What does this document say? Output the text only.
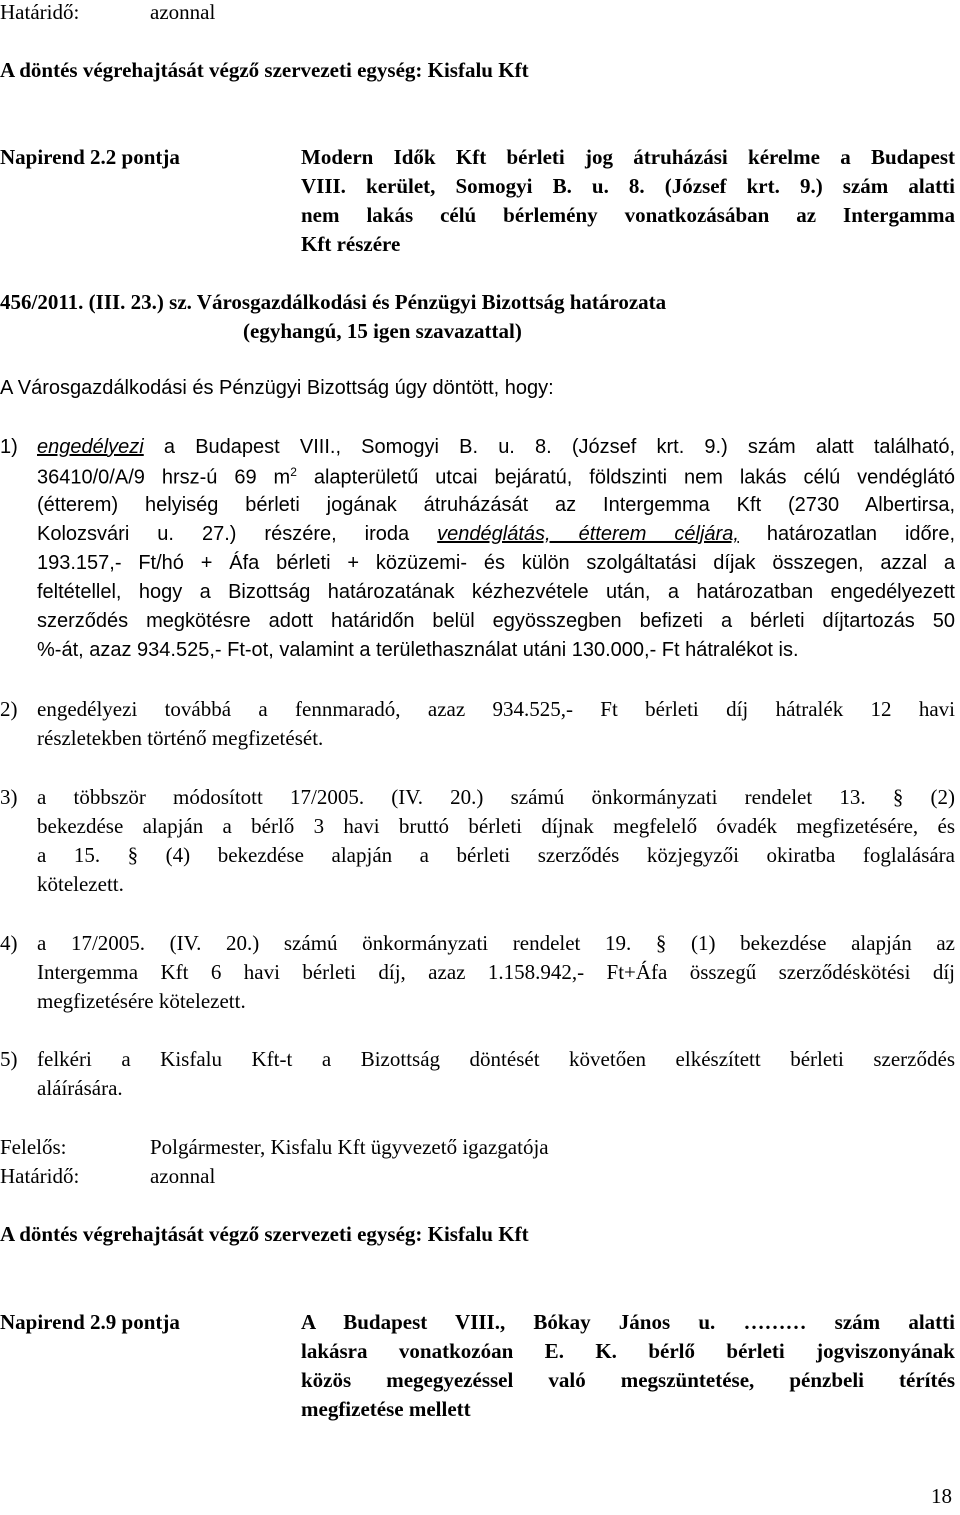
Határidő:	azonnal
A döntés végrehajtását végző szervezeti egység: Kisfalu Kft
Napirend 2.2 pontja	Modern Idők Kft bérleti jog átruházási kérelme a Budapest
VIII. kerület, Somogyi B. u. 8. (József krt. 9.) szám alatti
nem lakás célú bérlemény vonatkozásában az Intergamma
Kft részére
456/2011. (III. 23.) sz. Városgazdálkodási és Pénzügyi Bizottság határozata
(egyhangú, 15 igen szavazattal)
A Városgazdálkodási és Pénzügyi Bizottság úgy döntött, hogy:
1) engedélyezi a Budapest VIII., Somogyi B. u. 8. (József krt. 9.) szám alatt található,
36410/0/A/9 hrsz-ú 69 $m^2$ alapterületű utcai bejáratú, földszinti nem lakás célú vendéglátó
(étterem) helyiség bérleti jogának átruházását az Intergemma Kft (2730 Albertirsa,
Kolozsvári u. 27.) részére, iroda vendéglátás, étterem céljára, határozatlan időre,
193.157,- Ft/hó + Áfa bérleti + közüzemi- és külön szolgáltatási díjak összegen, azzal a
feltétellel, hogy a Bizottság határozatának kézhezvétele után, a határozatban engedélyezett
szerződés megkötésre adott határidőn belül egyösszegben befizeti a bérleti díjtartozás 50
%-át, azaz 934.525,- Ft-ot, valamint a területhasználat utáni 130.000,- Ft hátralékot is.
2) engedélyezi továbbá a fennmaradó, azaz 934.525,- Ft bérleti díj hátralék 12 havi
részletekben történő megfizetését.
3) a többször módosított 17/2005. (IV. 20.) számú önkormányzati rendelet 13. § (2)
bekezdése alapján a bérlő 3 havi bruttó bérleti díjnak megfelelő óvadék megfizetésére, és
a 15. § (4) bekezdése alapján a bérleti szerződés közjegyzői okiratba foglalására
kötelezett.
4) a 17/2005. (IV. 20.) számú önkormányzati rendelet 19. § (1) bekezdése alapján az
Intergemma Kft 6 havi bérleti díj, azaz 1.158.942,- Ft+Áfa összegű szerződéskötési díj
megfizetésére kötelezett.
5) felkéri a Kisfalu Kft-t a Bizottság döntését követően elkészített bérleti szerződés
aláírására.
Felelős:	Polgármester, Kisfalu Kft ügyvezető igazgatója
Határidő:	azonnal
A döntés végrehajtását végző szervezeti egység: Kisfalu Kft
Napirend 2.9 pontja	A Budapest VIII., Bókay János u. ……… szám alatti
lakásra vonatkozóan E. K. bérlő bérleti jogviszonyának
közös megegyezéssel való megszüntetése, pénzbeli térítés
megfizetése mellett
18
